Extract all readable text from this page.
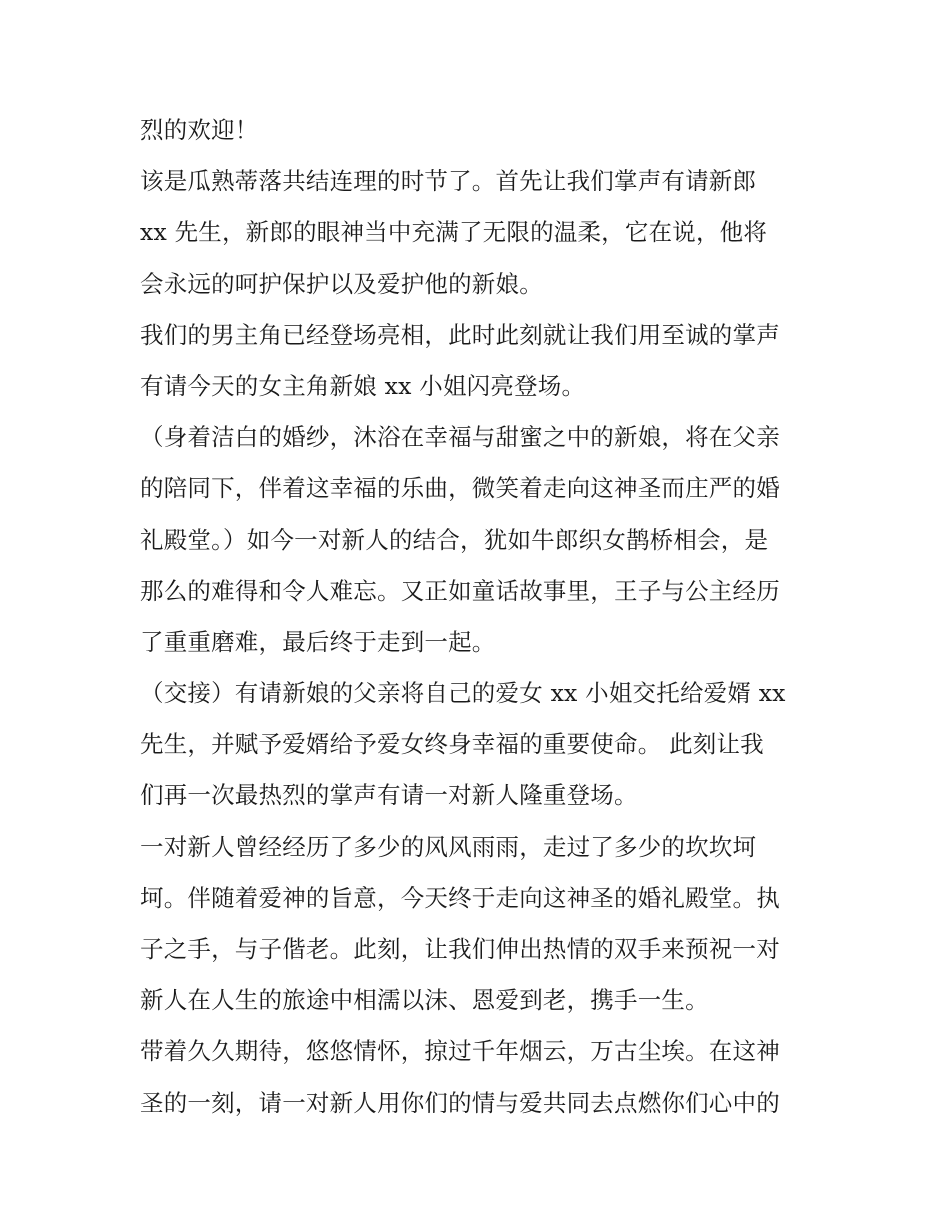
烈的欢迎！
该是瓜熟蒂落共结连理的时节了。首先让我们掌声有请新郎
xx 先生，新郎的眼神当中充满了无限的温柔，它在说，他将
会永远的呵护保护以及爱护他的新娘。
我们的男主角已经登场亮相，此时此刻就让我们用至诚的掌声
有请今天的女主角新娘 xx 小姐闪亮登场。
（身着洁白的婚纱，沐浴在幸福与甜蜜之中的新娘，将在父亲
的陪同下，伴着这幸福的乐曲，微笑着走向这神圣而庄严的婚
礼殿堂。）如今一对新人的结合，犹如牛郎织女鹊桥相会，是
那么的难得和令人难忘。又正如童话故事里，王子与公主经历
了重重磨难，最后终于走到一起。
（交接）有请新娘的父亲将自己的爱女 xx 小姐交托给爱婿 xx
先生，并赋予爱婿给予爱女终身幸福的重要使命。 此刻让我
们再一次最热烈的掌声有请一对新人隆重登场。
一对新人曾经经历了多少的风风雨雨，走过了多少的坎坎坷
坷。伴随着爱神的旨意，今天终于走向这神圣的婚礼殿堂。执
子之手，与子偕老。此刻，让我们伸出热情的双手来预祝一对
新人在人生的旅途中相濡以沫、恩爱到老，携手一生。
带着久久期待，悠悠情怀，掠过千年烟云，万古尘埃。在这神
圣的一刻，请一对新人用你们的情与爱共同去点燃你们心中的
